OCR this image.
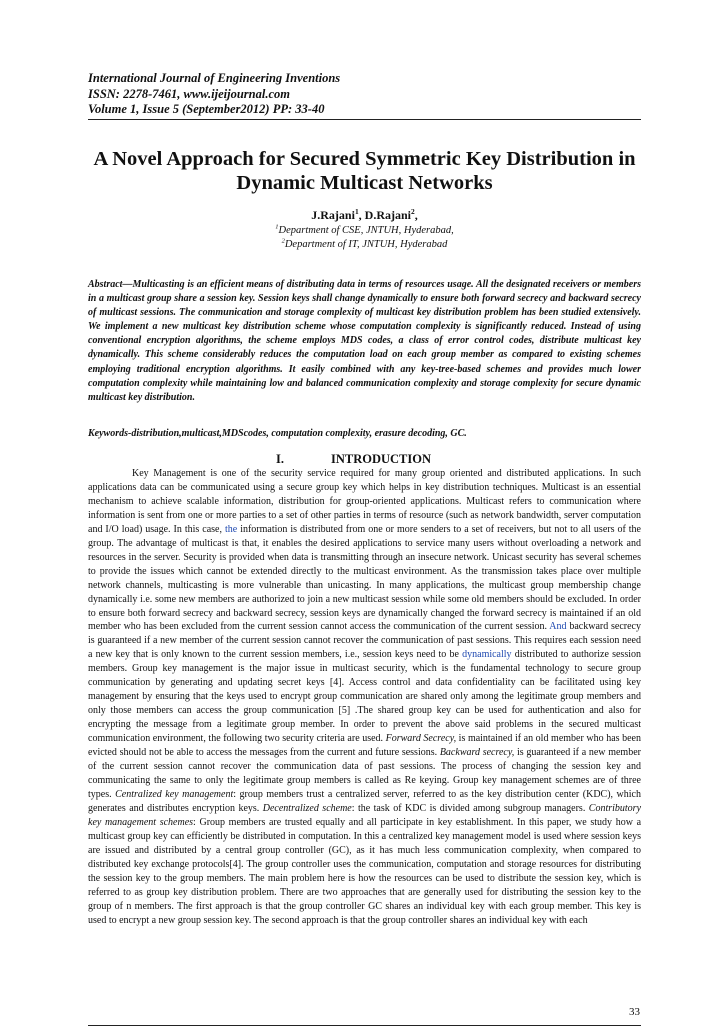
International Journal of Engineering Inventions
ISSN: 2278-7461, www.ijeijournal.com
Volume 1, Issue 5 (September2012) PP: 33-40
A Novel Approach for Secured Symmetric Key Distribution in Dynamic Multicast Networks
J.Rajani$^1$, D.Rajani$^2$,
$^1$Department of CSE, JNTUH, Hyderabad,
$^2$Department of IT, JNTUH, Hyderabad
Abstract—Multicasting is an efficient means of distributing data in terms of resources usage. All the designated receivers or members in a multicast group share a session key. Session keys shall change dynamically to ensure both forward secrecy and backward secrecy of multicast sessions. The communication and storage complexity of multicast key distribution problem has been studied extensively. We implement a new multicast key distribution scheme whose computation complexity is significantly reduced. Instead of using conventional encryption algorithms, the scheme employs MDS codes, a class of error control codes, distribute multicast key dynamically. This scheme considerably reduces the computation load on each group member as compared to existing schemes employing traditional encryption algorithms. It easily combined with any key-tree-based schemes and provides much lower computation complexity while maintaining low and balanced communication complexity and storage complexity for secure dynamic multicast key distribution.
Keywords-distribution,multicast,MDScodes, computation complexity, erasure decoding, GC.
I.	INTRODUCTION
Key Management is one of the security service required for many group oriented and distributed applications. In such applications data can be communicated using a secure group key which helps in key distribution techniques. Multicast is an essential mechanism to achieve scalable information, distribution for group-oriented applications. Multicast refers to communication where information is sent from one or more parties to a set of other parties in terms of resource (such as network bandwidth, server computation and I/O load) usage. In this case, the information is distributed from one or more senders to a set of receivers, but not to all users of the group. The advantage of multicast is that, it enables the desired applications to service many users without overloading a network and resources in the server. Security is provided when data is transmitting through an insecure network. Unicast security has several schemes to provide the issues which cannot be extended directly to the multicast environment. As the transmission takes place over multiple network channels, multicasting is more vulnerable than unicasting. In many applications, the multicast group membership change dynamically i.e. some new members are authorized to join a new multicast session while some old members should be excluded. In order to ensure both forward secrecy and backward secrecy, session keys are dynamically changed the forward secrecy is maintained if an old member who has been excluded from the current session cannot access the communication of the current session. And backward secrecy is guaranteed if a new member of the current session cannot recover the communication of past sessions. This requires each session need a new key that is only known to the current session members, i.e., session keys need to be dynamically distributed to authorize session members. Group key management is the major issue in multicast security, which is the fundamental technology to secure group communication by generating and updating secret keys [4]. Access control and data confidentiality can be facilitated using key management by ensuring that the keys used to encrypt group communication are shared only among the legitimate group members and only those members can access the group communication [5] .The shared group key can be used for authentication and also for encrypting the message from a legitimate group member. In order to prevent the above said problems in the secured multicast communication environment, the following two security criteria are used. Forward Secrecy, is maintained if an old member who has been evicted should not be able to access the messages from the current and future sessions. Backward secrecy, is guaranteed if a new member of the current session cannot recover the communication data of past sessions. The process of changing the session key and communicating the same to only the legitimate group members is called as Re keying. Group key management schemes are of three types. Centralized key management: group members trust a centralized server, referred to as the key distribution center (KDC), which generates and distributes encryption keys. Decentralized scheme: the task of KDC is divided among subgroup managers. Contributory key management schemes: Group members are trusted equally and all participate in key establishment. In this paper, we study how a multicast group key can efficiently be distributed in computation. In this a centralized key management model is used where session keys are issued and distributed by a central group controller (GC), as it has much less communication complexity, when compared to distributed key exchange protocols[4]. The group controller uses the communication, computation and storage resources for distributing the session key to the group members. The main problem here is how the resources can be used to distribute the session key, which is referred to as group key distribution problem. There are two approaches that are generally used for distributing the session key to the group of n members. The first approach is that the group controller GC shares an individual key with each group member. This key is used to encrypt a new group session key. The second approach is that the group controller shares an individual key with each
33
